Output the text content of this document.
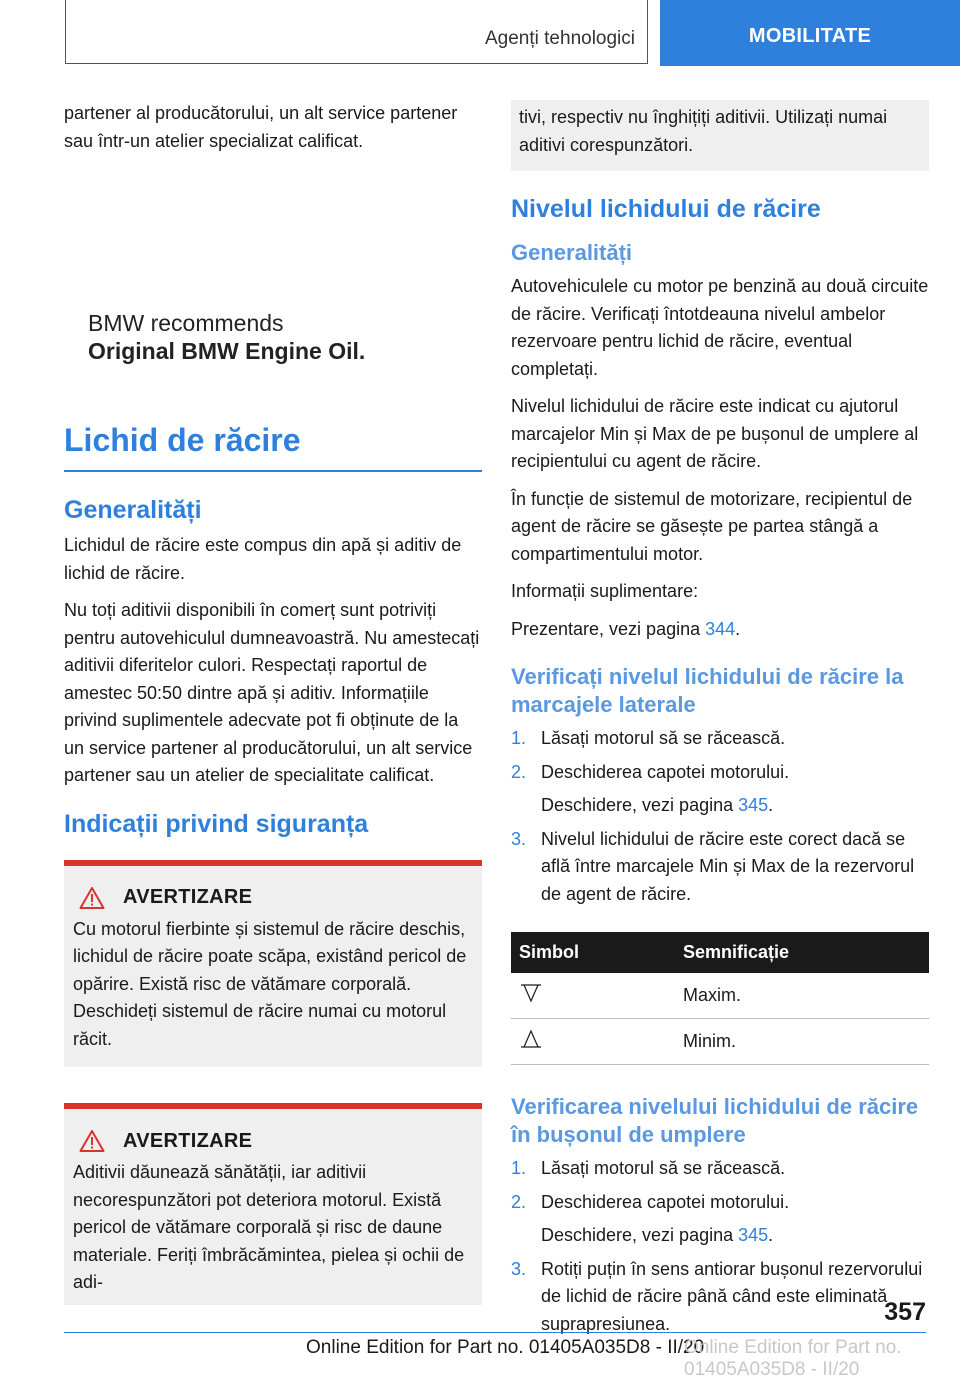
Agenți tehnologici	MOBILITATE

partener al producătorului, un alt service partener sau într-un atelier specializat calificat.

BMW recommends
Original BMW Engine Oil.
Lichid de răcire
Generalități

Lichidul de răcire este compus din apă și aditiv de lichid de răcire.

Nu toți aditivii disponibili în comerț sunt potriviți pentru autovehiculul dumneavoastră. Nu amestecați aditivii diferitelor culori. Respectați raportul de amestec 50:50 dintre apă și aditiv. Informațiile privind suplimentele adecvate pot fi obținute de la un service partener al producătorului, un alt service partener sau un atelier de specialitate calificat.

Indicații privind siguranța
AVERTIZARE

Cu motorul fierbinte și sistemul de răcire deschis, lichidul de răcire poate scăpa, existând pericol de opărire. Există risc de vătămare corporală. Deschideți sistemul de răcire numai cu motorul răcit.

AVERTIZARE

Aditivii dăunează sănătății, iar aditivii necorespunzători pot deteriora motorul. Există pericol de vătămare corporală și risc de daune materiale. Feriți îmbrăcămintea, pielea și ochii de adi-

tivi, respectiv nu înghițiți aditivii. Utilizați numai aditivi corespunzători.

Nivelul lichidului de răcire
Generalități

Autovehiculele cu motor pe benzină au două circuite de răcire. Verificați întotdeauna nivelul ambelor rezervoare pentru lichid de răcire, eventual completați.

Nivelul lichidului de răcire este indicat cu ajutorul marcajelor Min și Max de pe bușonul de umplere al recipientului cu agent de răcire.

În funcție de sistemul de motorizare, recipientul de agent de răcire se găsește pe partea stângă a compartimentului motor.

Informații suplimentare:

Prezentare, vezi pagina 344.

Verificați nivelul lichidului de răcire la marcajele laterale
1. Lăsați motorul să se răcească.
2. Deschiderea capotei motorului.
Deschidere, vezi pagina 345.
3. Nivelul lichidului de răcire este corect dacă se află între marcajele Min și Max de la rezervorul de agent de răcire.
Simbol	Semnificație
	Maxim.
	Minim.
Verificarea nivelului lichidului de răcire în bușonul de umplere
1. Lăsați motorul să se răcească.
2. Deschiderea capotei motorului.
Deschidere, vezi pagina 345.
3. Rotiți puțin în sens antiorar bușonul rezervorului de lichid de răcire până când este eliminată suprapresiunea.	357
Online Edition for Part no. 01405A035D8 - II/20
Online Edition for Part no. 01405A035D8 - II/20
